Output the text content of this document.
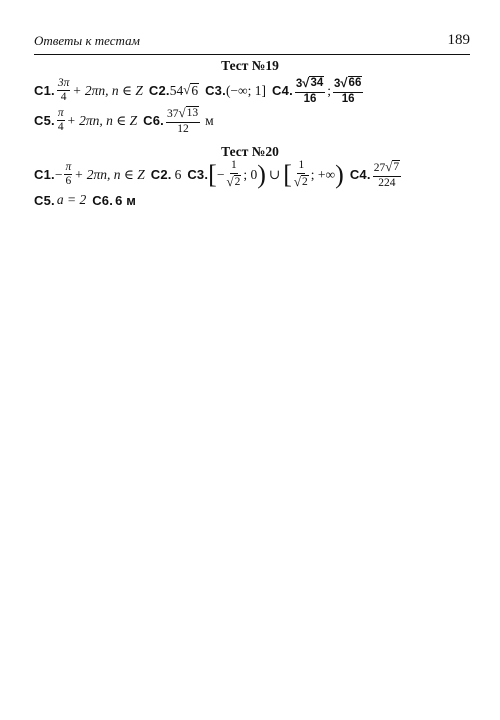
Ответы к тестам	189
Тест №19
С1. $\frac{3\pi}{4} + 2\pi n$, n ∈ Z С2. 54 √ 6 С3. (−∞; 1] С4. $\frac{3 √ 34}{16}$ ; $\frac{3 √ 66}{16}$
С5. $\frac{\pi}{4} + 2\pi n$, n ∈ Z С6. $\frac{37 √ 13}{12}$ м
Тест №20
С1. − $\frac{\pi}{6} + 2\pi n$, n ∈ Z С2. 6 С3. [ − $\frac{1}{√ 2}$ ; 0 ) ∪ [ $\frac{1}{√ 2}$ ; +∞ ) С4. $\frac{27 √ 7}{224}$
С5. a = 2 С6. 6 м
